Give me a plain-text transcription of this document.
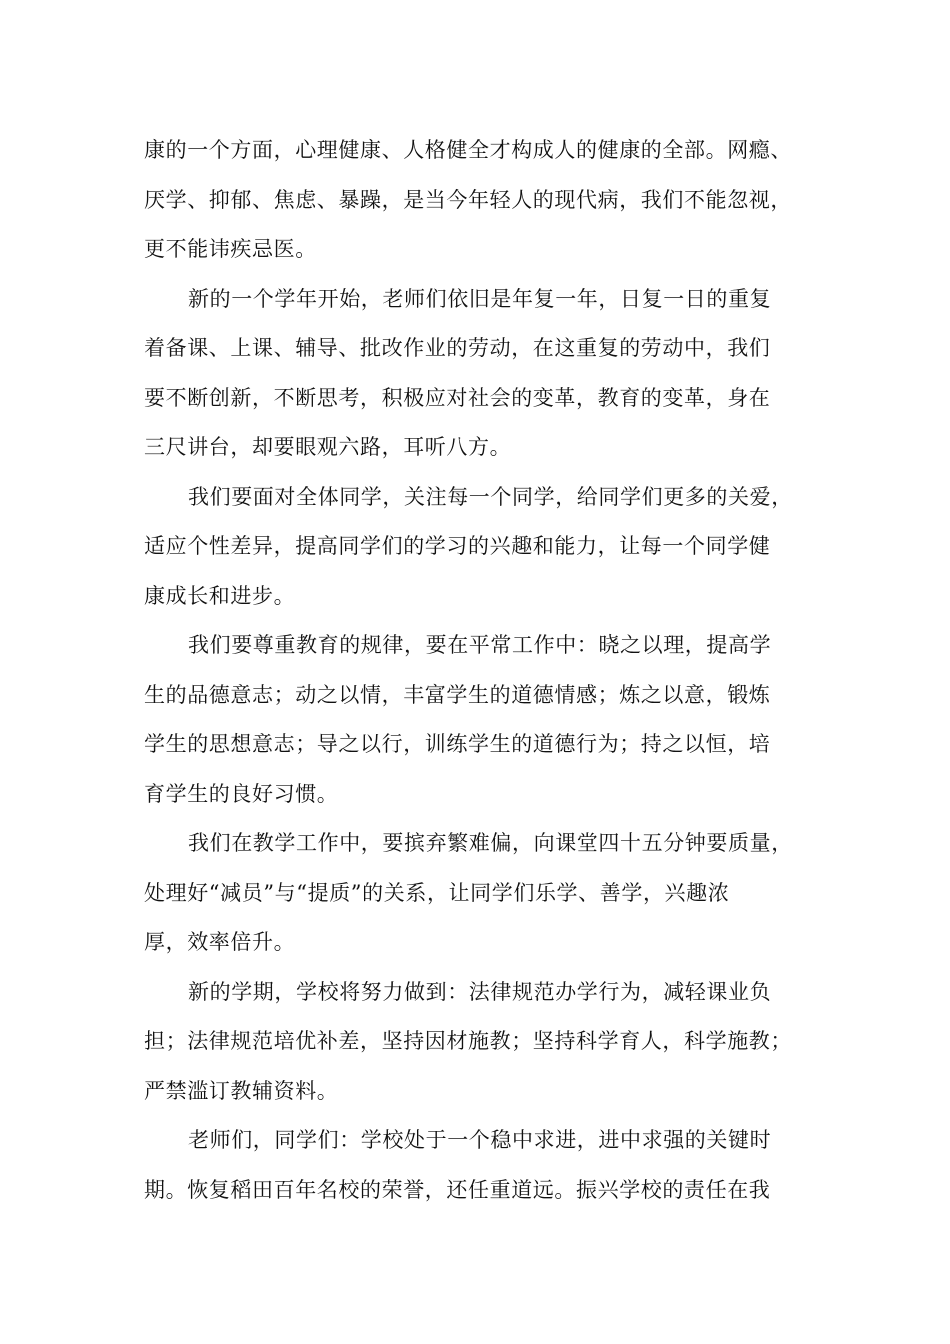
康的一个方面，心理健康、人格健全才构成人的健康的全部。网瘾、
厌学、抑郁、焦虑、暴躁，是当今年轻人的现代病，我们不能忽视，
更不能讳疾忌医。

新的一个学年开始，老师们依旧是年复一年，日复一日的重复
着备课、上课、辅导、批改作业的劳动，在这重复的劳动中，我们
要不断创新，不断思考，积极应对社会的变革，教育的变革，身在
三尺讲台，却要眼观六路，耳听八方。

我们要面对全体同学，关注每一个同学，给同学们更多的关爱，
适应个性差异，提高同学们的学习的兴趣和能力，让每一个同学健
康成长和进步。

我们要尊重教育的规律，要在平常工作中：晓之以理，提高学
生的品德意志；动之以情，丰富学生的道德情感；炼之以意，锻炼
学生的思想意志；导之以行，训练学生的道德行为；持之以恒，培
育学生的良好习惯。

我们在教学工作中，要摈弃繁难偏，向课堂四十五分钟要质量，
处理好“减员”与“提质”的关系，让同学们乐学、善学，兴趣浓
厚，效率倍升。

新的学期，学校将努力做到：法律规范办学行为，减轻课业负
担；法律规范培优补差，坚持因材施教；坚持科学育人，科学施教；
严禁滥订教辅资料。

老师们，同学们：学校处于一个稳中求进，进中求强的关键时
期。恢复稻田百年名校的荣誉，还任重道远。振兴学校的责任在我
